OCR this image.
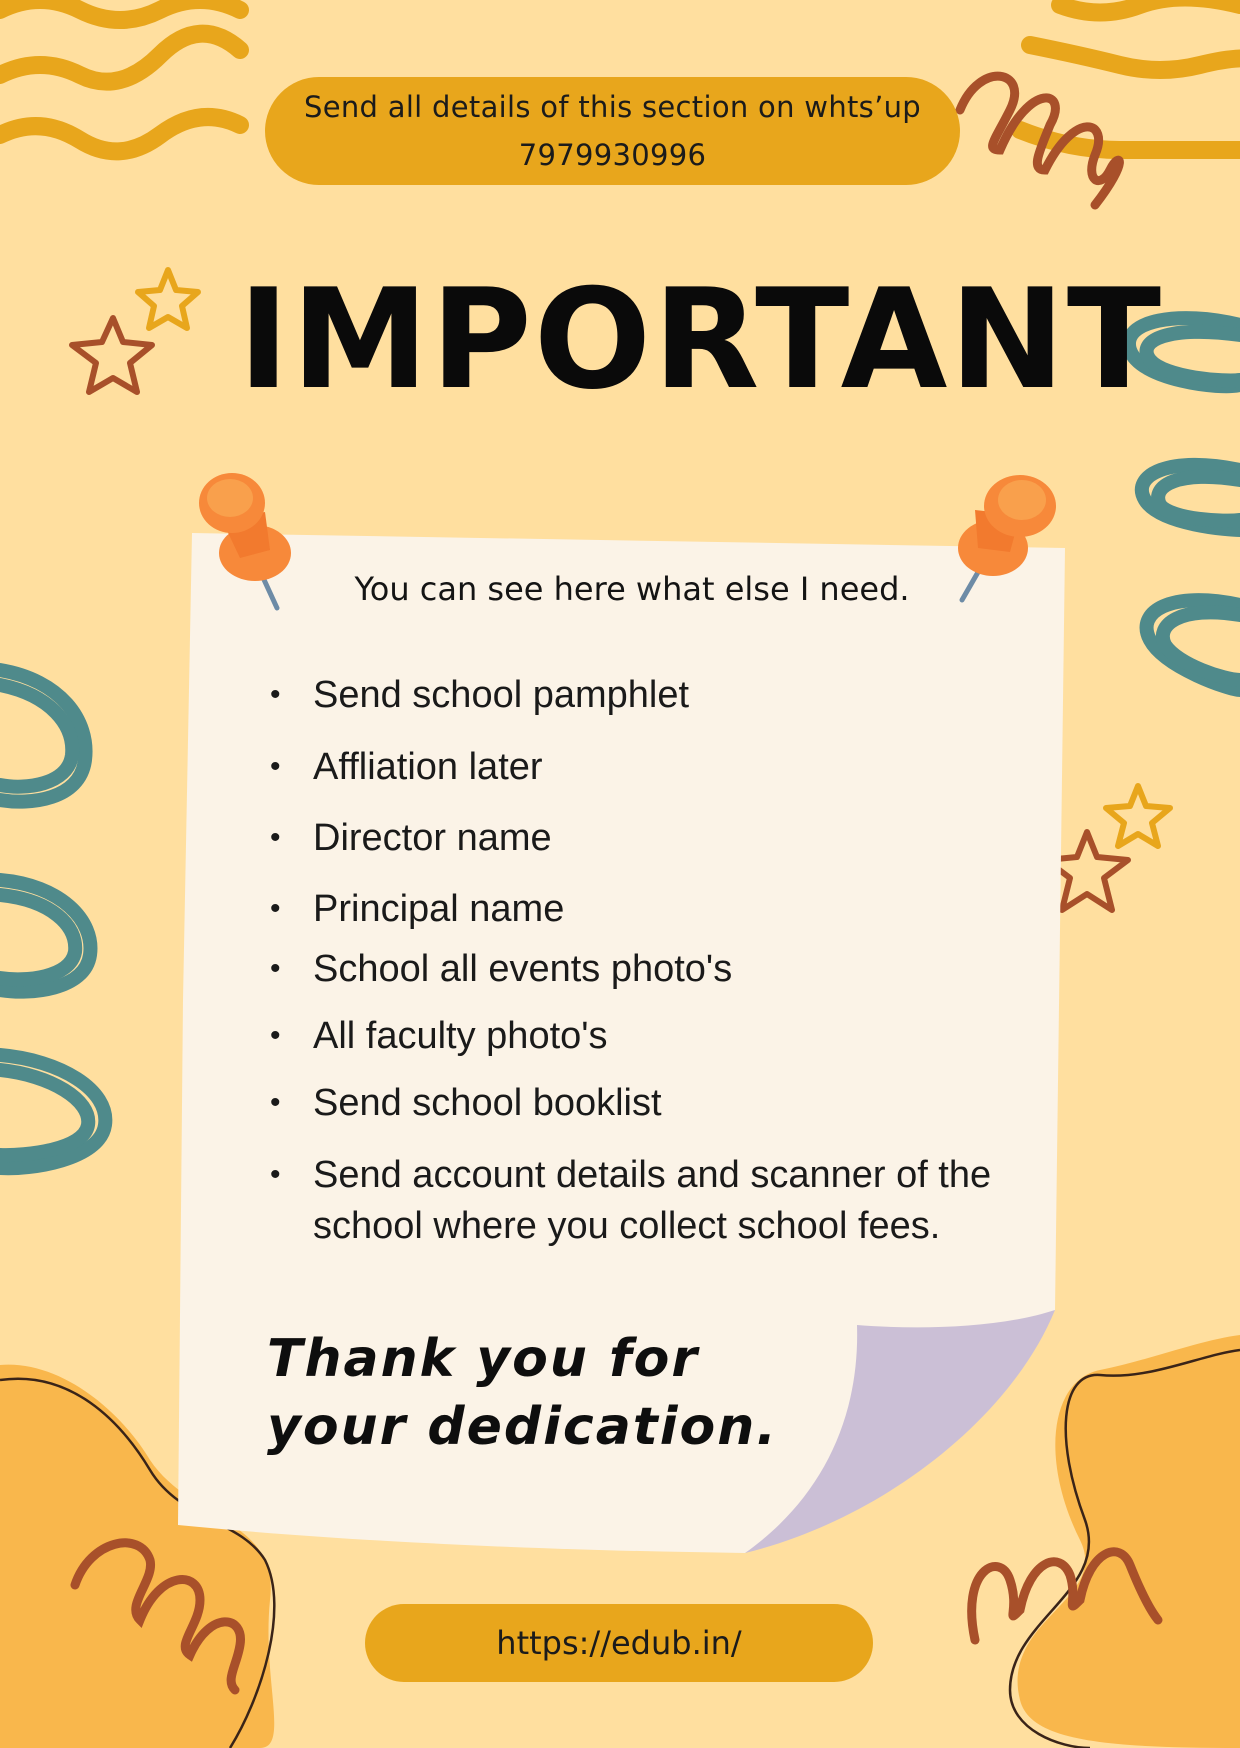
Send all details of this section on whts’up
7979930996
IMPORTANT
You can see here what else I need.
• Send school pamphlet
• Affliation later
• Director name
• Principal name
• School all events photo's
• All faculty photo's
• Send school booklist
• Send account details and scanner of the
school where you collect school fees.
Thank you for
your dedication.
https://edub.in/
